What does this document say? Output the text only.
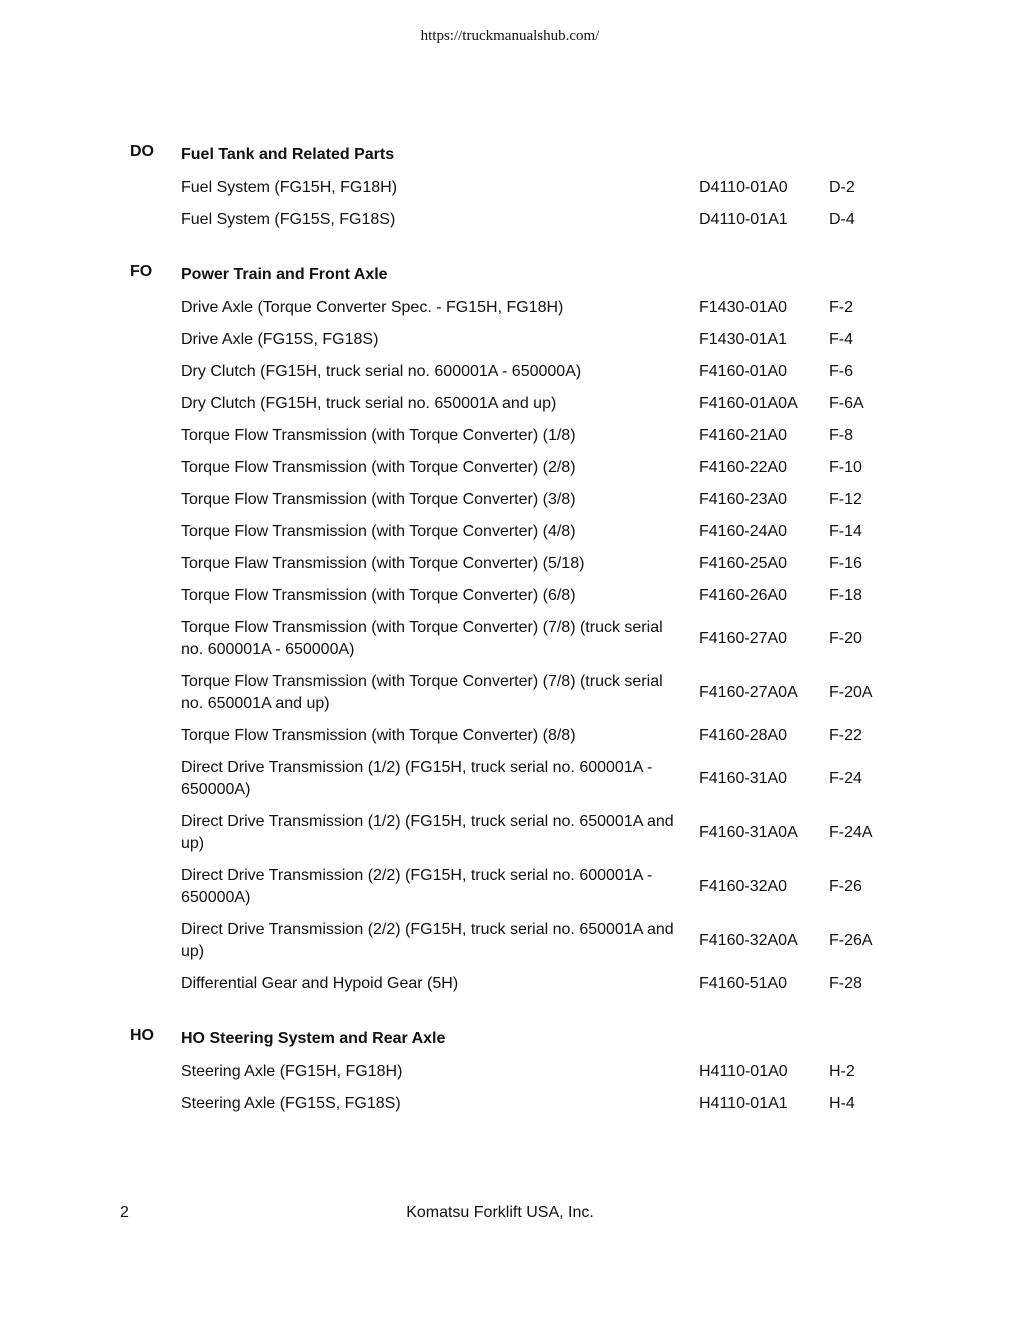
https://truckmanualshub.com/
DO Fuel Tank and Related Parts
Fuel System (FG15H, FG18H)	D4110-01A0	D-2
Fuel System (FG15S, FG18S)	D4110-01A1	D-4
FO Power Train and Front Axle
Drive Axle (Torque Converter Spec. - FG15H, FG18H)	F1430-01A0	F-2
Drive Axle (FG15S, FG18S)	F1430-01A1	F-4
Dry Clutch (FG15H, truck serial no. 600001A - 650000A)	F4160-01A0	F-6
Dry Clutch (FG15H, truck serial no. 650001A and up)	F4160-01A0A F-6A
Torque Flow Transmission (with Torque Converter) (1/8)	F4160-21A0	F-8
Torque Flow Transmission (with Torque Converter) (2/8)	F4160-22A0	F-10
Torque Flow Transmission (with Torque Converter) (3/8)	F4160-23A0	F-12
Torque Flow Transmission (with Torque Converter) (4/8)	F4160-24A0	F-14
Torque Flaw Transmission (with Torque Converter) (5/18)	F4160-25A0	F-16
Torque Flow Transmission (with Torque Converter) (6/8)	F4160-26A0	F-18
Torque Flow Transmission (with Torque Converter) (7/8) (truck serial no. 600001A - 650000A)
F4160-27A0	F-20
Torque Flow Transmission (with Torque Converter) (7/8) (truck serial no. 650001A and up)
F4160-27A0A F-20A
Torque Flow Transmission (with Torque Converter) (8/8)	F4160-28A0	F-22
Direct Drive Transmission (1/2) (FG15H, truck serial no. 600001A - 650000A)
F4160-31A0	F-24
Direct Drive Transmission (1/2) (FG15H, truck serial no. 650001A and up)
F4160-31A0A F-24A
Direct Drive Transmission (2/2) (FG15H, truck serial no. 600001A - 650000A)
F4160-32A0	F-26
Direct Drive Transmission (2/2) (FG15H, truck serial no. 650001A and up)
F4160-32A0A F-26A
Differential Gear and Hypoid Gear (5H)	F4160-51A0	F-28
HO HO Steering System and Rear Axle
Steering Axle (FG15H, FG18H)	H4110-01A0	H-2
Steering Axle (FG15S, FG18S)	H4110-01A1	H-4
2	Komatsu Forklift USA, Inc.
